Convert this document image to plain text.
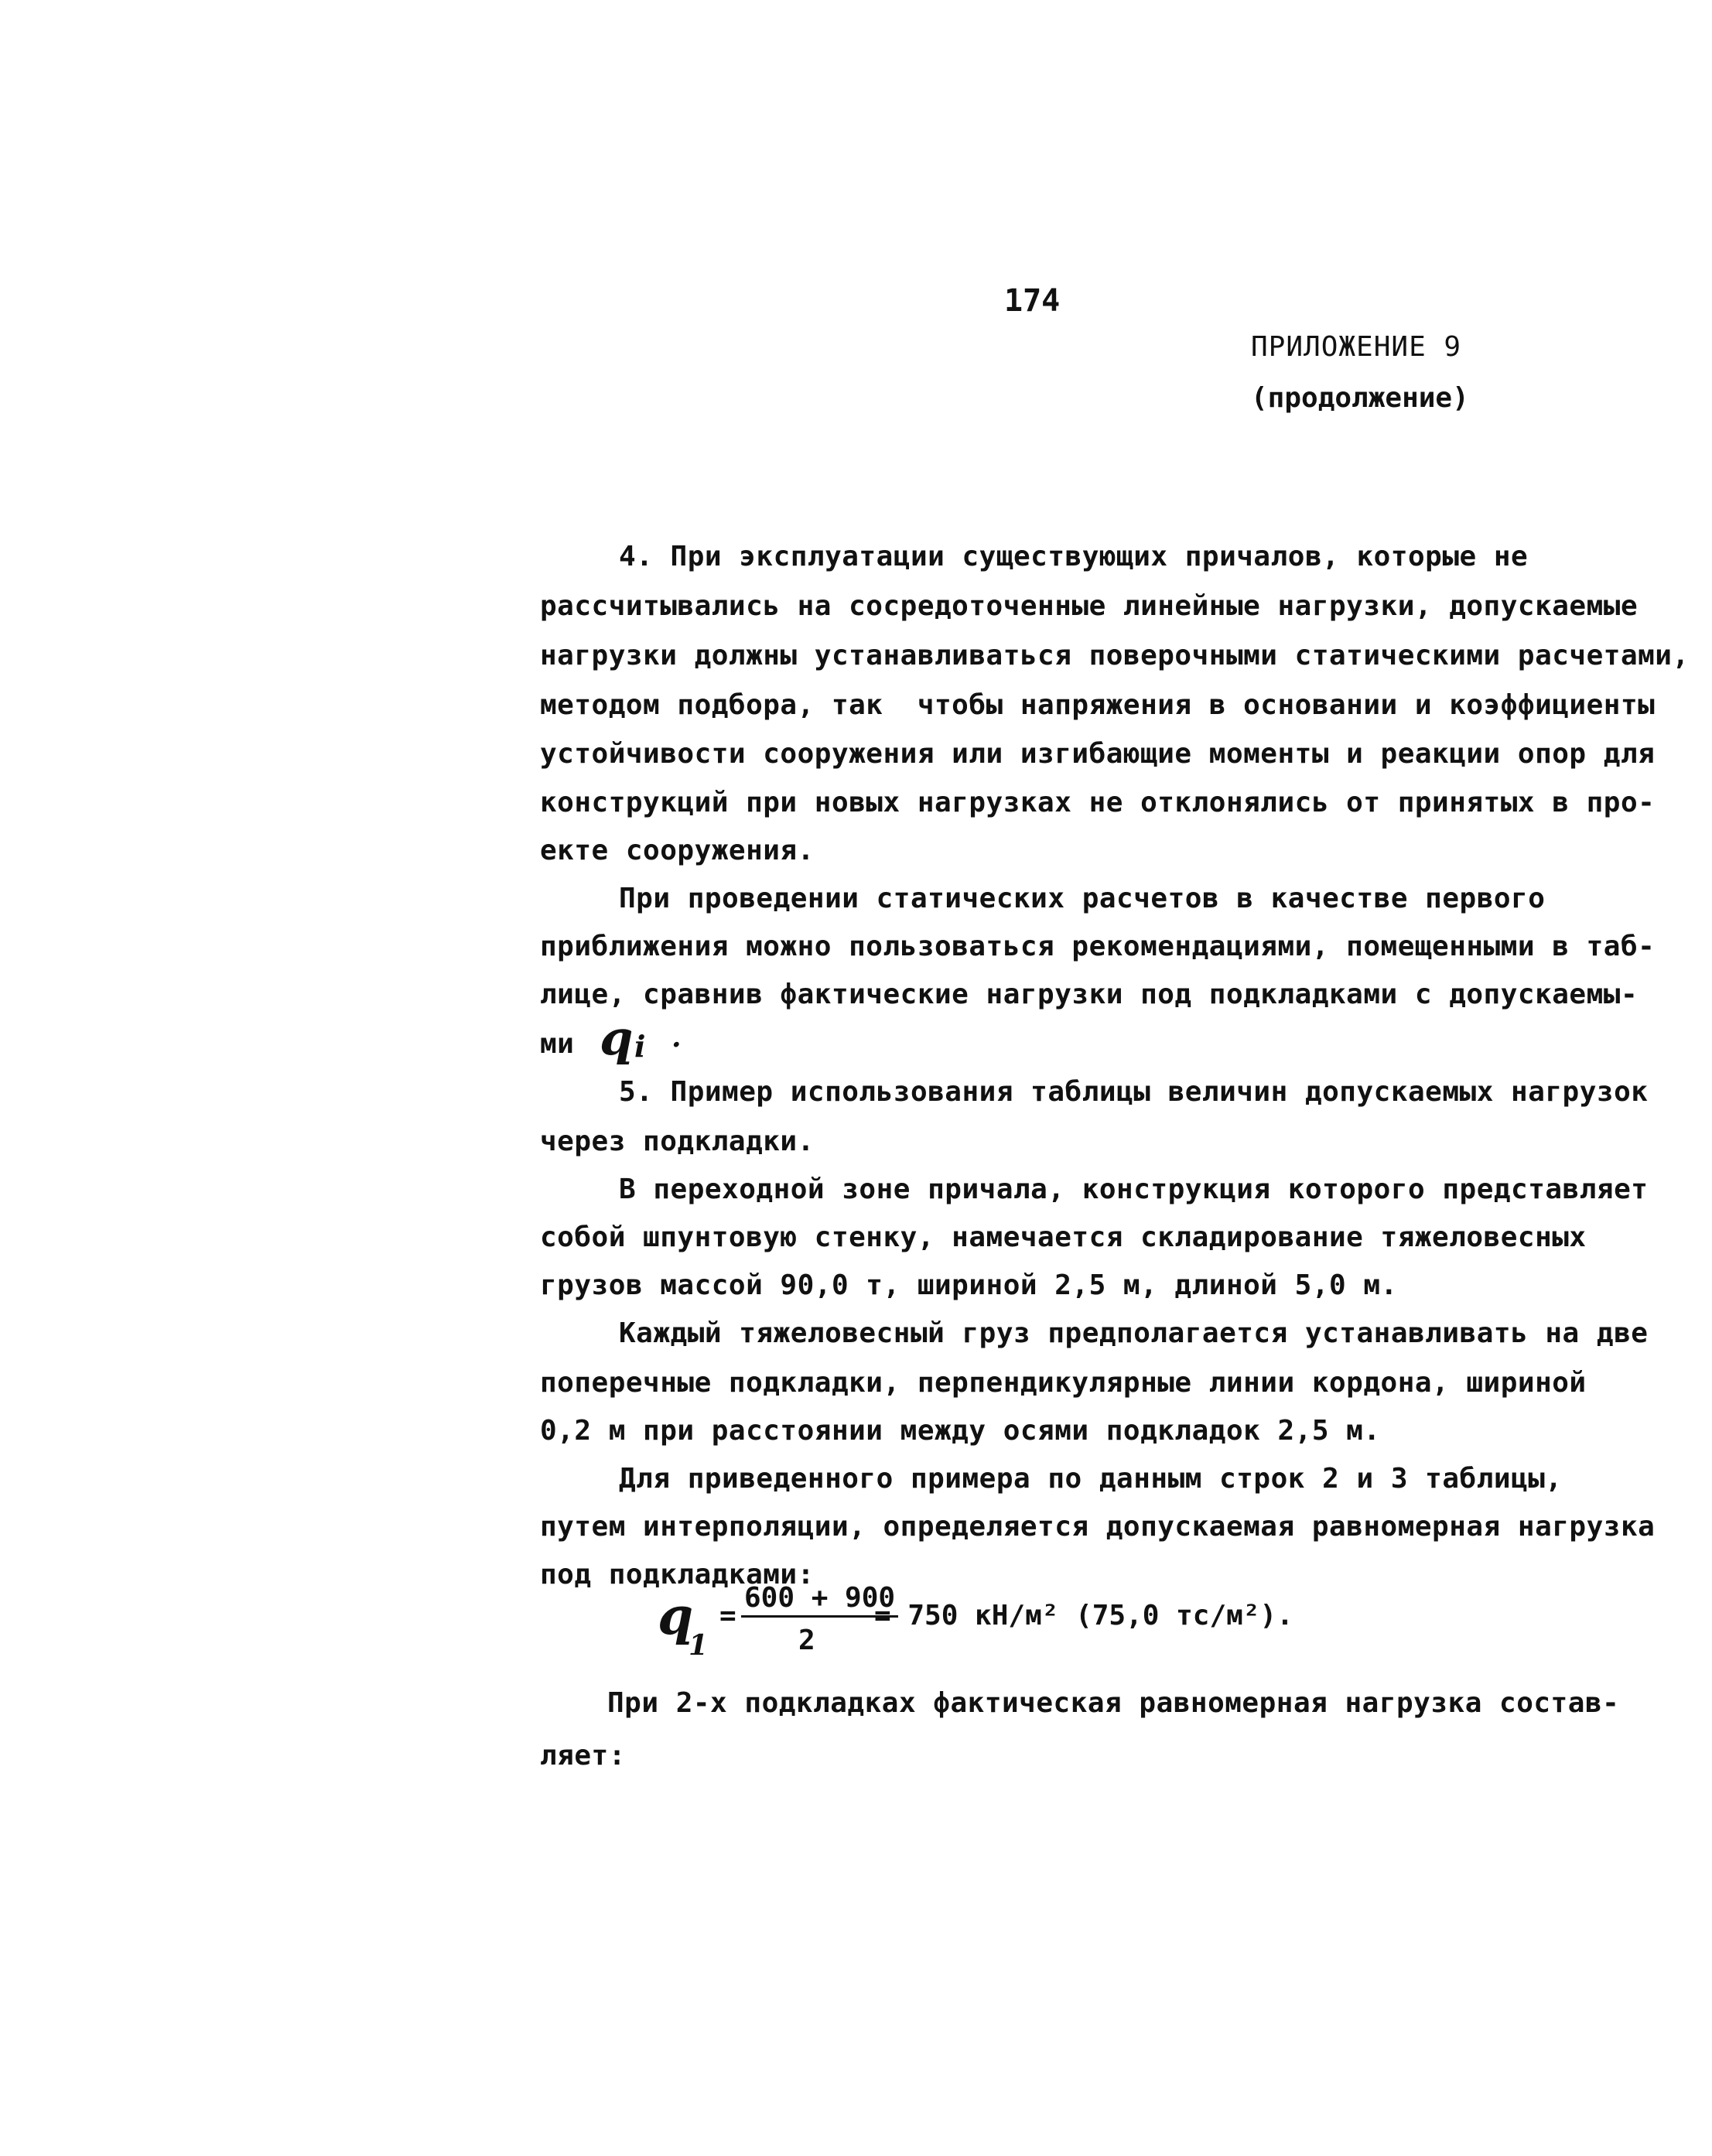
174
ПРИЛОЖЕНИЕ 9
(продолжение)
4. При эксплуатации существующих причалов, которые не
рассчитывались на сосредоточенные линейные нагрузки, допускаемые
нагрузки должны устанавливаться поверочными статическими расчетами,
методом подбора, так  чтобы напряжения в основании и коэффициенты
устойчивости сооружения или изгибающие моменты и реакции опор для
конструкций при новых нагрузках не отклонялись от принятых в про-
екте сооружения.
При проведении статических расчетов в качестве первого
приближения можно пользоваться рекомендациями, помещенными в таб-
лице, сравнив фактические нагрузки под подкладками с допускаемы-
ми q i .
5. Пример использования таблицы величин допускаемых нагрузок
через подкладки.
В переходной зоне причала, конструкция которого представляет
собой шпунтовую стенку, намечается складирование тяжеловесных
грузов массой 90,0 т, шириной 2,5 м, длиной 5,0 м.
Каждый тяжеловесный груз предполагается устанавливать на две
поперечные подкладки, перпендикулярные линии кордона, шириной
0,2 м при расстоянии между осями подкладок 2,5 м.
Для приведенного примера по данным строк 2 и 3 таблицы,
путем интерполяции, определяется допускаемая равномерная нагрузка
под подкладками:
q
1
=
600 + 900
2
= 750 кН/м² (75,0 тс/м²).
При 2-х подкладках фактическая равномерная нагрузка состав-
ляет:
